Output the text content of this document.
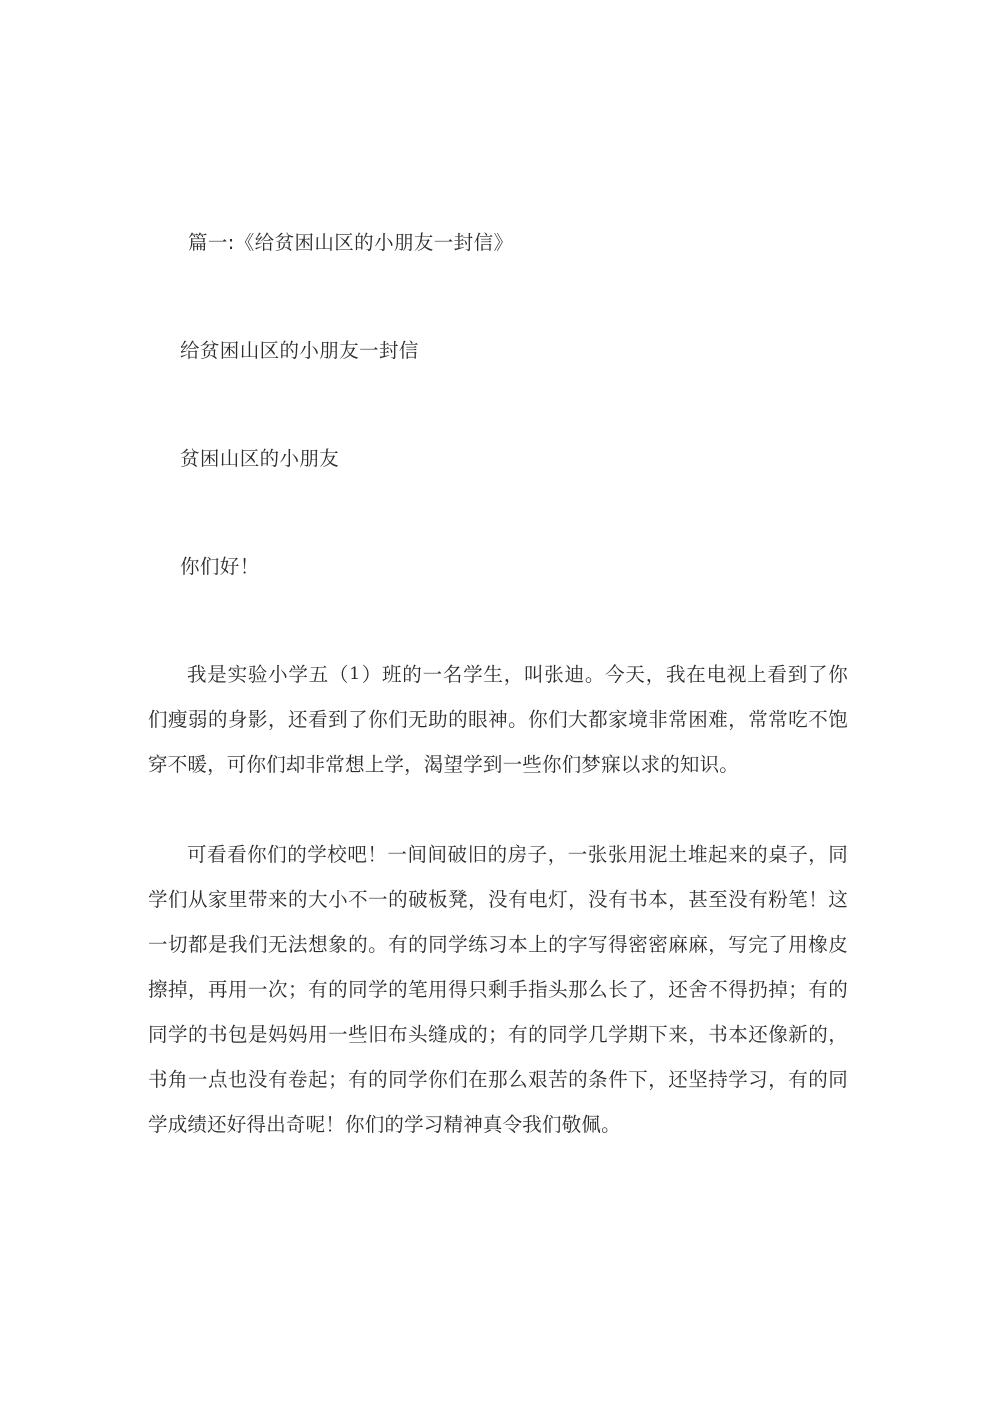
篇一:《给贫困山区的小朋友一封信》
给贫困山区的小朋友一封信
贫困山区的小朋友
你们好！

我是实验小学五（1）班的一名学生，叫张迪。今天，我在电视上看到了你们瘦弱的身影，还看到了你们无助的眼神。你们大都家境非常困难，常常吃不饱穿不暖，可你们却非常想上学，渴望学到一些你们梦寐以求的知识。

可看看你们的学校吧！一间间破旧的房子，一张张用泥土堆起来的桌子，同学们从家里带来的大小不一的破板凳，没有电灯，没有书本，甚至没有粉笔！这一切都是我们无法想象的。有的同学练习本上的字写得密密麻麻，写完了用橡皮擦掉，再用一次；有的同学的笔用得只剩手指头那么长了，还舍不得扔掉；有的同学的书包是妈妈用一些旧布头缝成的；有的同学几学期下来，书本还像新的，书角一点也没有卷起；有的同学你们在那么艰苦的条件下，还坚持学习，有的同学成绩还好得出奇呢！你们的学习精神真令我们敬佩。
